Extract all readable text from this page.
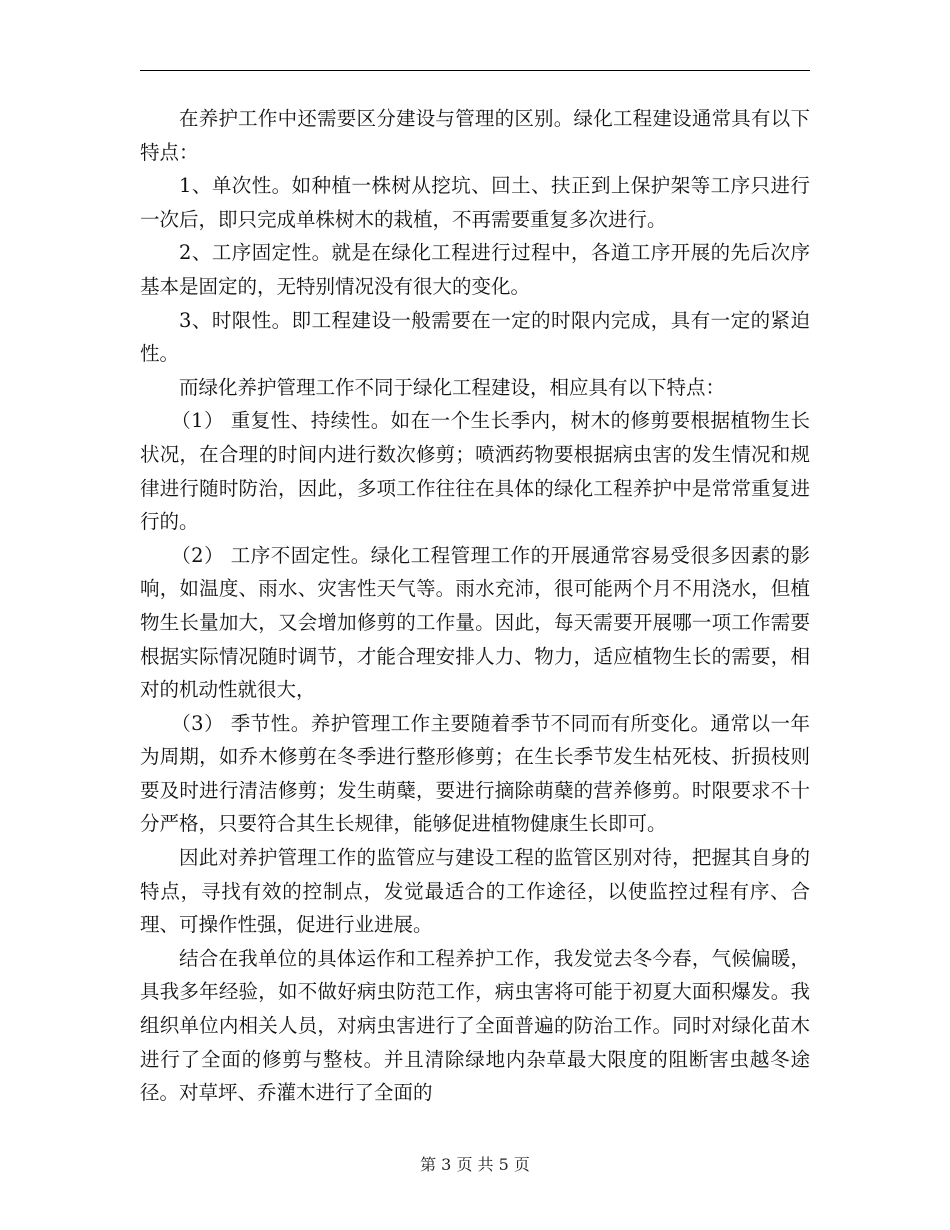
在养护工作中还需要区分建设与管理的区别。绿化工程建设通常具有以下特点：

1、单次性。如种植一株树从挖坑、回土、扶正到上保护架等工序只进行一次后，即只完成单株树木的栽植，不再需要重复多次进行。

2、工序固定性。就是在绿化工程进行过程中，各道工序开展的先后次序基本是固定的，无特别情况没有很大的变化。

3、时限性。即工程建设一般需要在一定的时限内完成，具有一定的紧迫性。

而绿化养护管理工作不同于绿化工程建设，相应具有以下特点：

（1） 重复性、持续性。如在一个生长季内，树木的修剪要根据植物生长状况，在合理的时间内进行数次修剪；喷洒药物要根据病虫害的发生情况和规律进行随时防治，因此，多项工作往往在具体的绿化工程养护中是常常重复进行的。

（2） 工序不固定性。绿化工程管理工作的开展通常容易受很多因素的影响，如温度、雨水、灾害性天气等。雨水充沛，很可能两个月不用浇水，但植物生长量加大，又会增加修剪的工作量。因此，每天需要开展哪一项工作需要根据实际情况随时调节，才能合理安排人力、物力，适应植物生长的需要，相对的机动性就很大，

（3） 季节性。养护管理工作主要随着季节不同而有所变化。通常以一年为周期，如乔木修剪在冬季进行整形修剪；在生长季节发生枯死枝、折损枝则要及时进行清洁修剪；发生萌蘖，要进行摘除萌蘖的营养修剪。时限要求不十分严格，只要符合其生长规律，能够促进植物健康生长即可。

因此对养护管理工作的监管应与建设工程的监管区别对待，把握其自身的特点，寻找有效的控制点，发觉最适合的工作途径，以使监控过程有序、合理、可操作性强，促进行业进展。

结合在我单位的具体运作和工程养护工作，我发觉去冬今春，气候偏暖，具我多年经验，如不做好病虫防范工作，病虫害将可能于初夏大面积爆发。我组织单位内相关人员，对病虫害进行了全面普遍的防治工作。同时对绿化苗木进行了全面的修剪与整枝。并且清除绿地内杂草最大限度的阻断害虫越冬途径。对草坪、乔灌木进行了全面的

第 3 页 共 5 页
